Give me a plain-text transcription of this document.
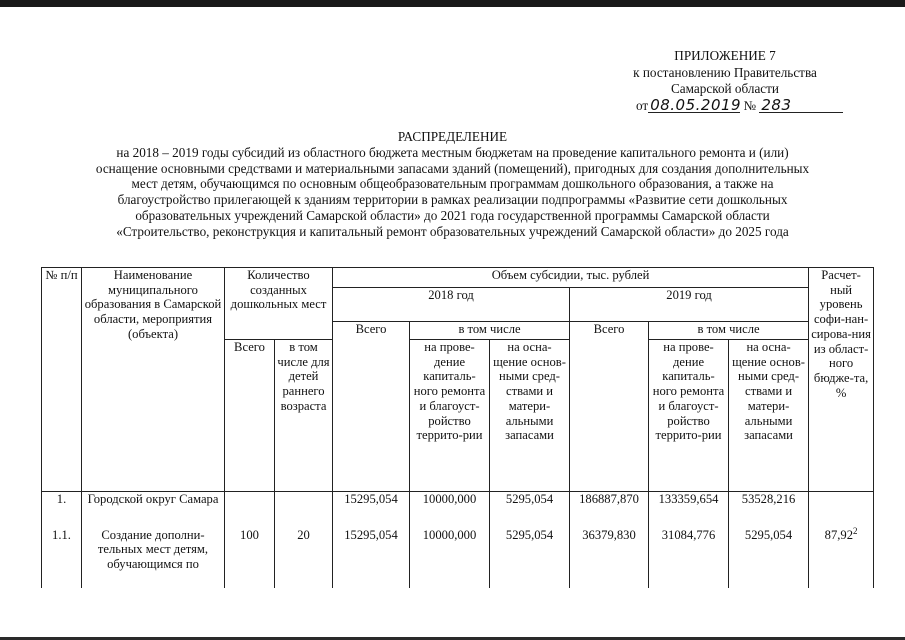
ПРИЛОЖЕНИЕ 7
к постановлению Правительства
Самарской области
от 08.05.2019 № 283

РАСПРЕДЕЛЕНИЕ

на 2018 – 2019 годы субсидий из областного бюджета местным бюджетам на проведение капитального ремонта и (или)

оснащение основными средствами и материальными запасами зданий (помещений), пригодных для создания дополнительных

мест детям, обучающимся по основным общеобразовательным программам дошкольного образования, а также на

благоустройство прилегающей к зданиям территории в рамках реализации подпрограммы «Развитие сети дошкольных

образовательных учреждений Самарской области» до 2021 года государственной программы Самарской области

«Строительство, реконструкция и капитальный ремонт образовательных учреждений Самарской области» до 2025 года

№ п/п	Наименование муниципального образования в Самарской области, мероприятия (объекта)	Количество созданных дошкольных мест		Объем субсидии, тыс. рублей						Расчет-ный уровень софи-нан-сирова-ния из област-ного бюдже-та, %
				2018 год			2019 год			
				Всего	в том числе		Всего	в том числе		
		Всего	в том числе для детей раннего возраста		на прове-дение капиталь-ного ремонта и благоуст-ройство террито-рии	на осна-щение основ-ными сред-ствами и матери-альными запасами		на прове-дение капиталь-ного ремонта и благоуст-ройство террито-рии	на осна-щение основ-ными сред-ствами и матери-альными запасами	
1.	Городской округ Самара			15295,054	10000,000	5295,054	186887,870	133359,654	53528,216	
1.1.	Создание дополни-тельных мест детям, обучающимся по	100	20	15295,054	10000,000	5295,054	36379,830	31084,776	5295,054	87,92$^2$
